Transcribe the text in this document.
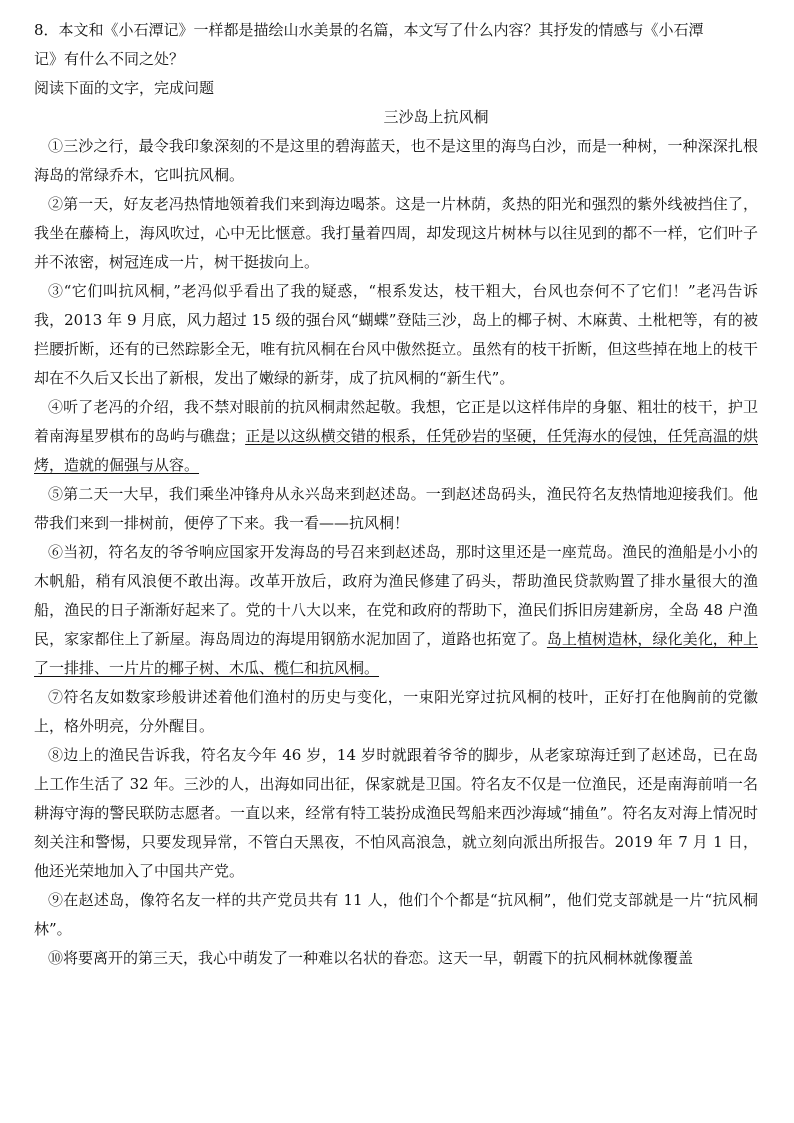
8．本文和《小石潭记》一样都是描绘山水美景的名篇，本文写了什么内容？其抒发的情感与《小石潭

记》有什么不同之处？

阅读下面的文字，完成问题

三沙岛上抗风桐

①三沙之行，最令我印象深刻的不是这里的碧海蓝天，也不是这里的海鸟白沙，而是一种树，一种深深扎根海岛的常绿乔木，它叫抗风桐。

②第一天，好友老冯热情地领着我们来到海边喝茶。这是一片林荫，炙热的阳光和强烈的紫外线被挡住了，我坐在藤椅上，海风吹过，心中无比惬意。我打量着四周，却发现这片树林与以往见到的都不一样，它们叶子并不浓密，树冠连成一片，树干挺拔向上。

③“它们叫抗风桐，”老冯似乎看出了我的疑惑，“根系发达，枝干粗大，台风也奈何不了它们！”老冯告诉我，2013 年 9 月底，风力超过 15 级的强台风“蝴蝶”登陆三沙，岛上的椰子树、木麻黄、土枇杷等，有的被拦腰折断，还有的已然踪影全无，唯有抗风桐在台风中傲然挺立。虽然有的枝干折断，但这些掉在地上的枝干却在不久后又长出了新根，发出了嫩绿的新芽，成了抗风桐的“新生代”。

④听了老冯的介绍，我不禁对眼前的抗风桐肃然起敬。我想，它正是以这样伟岸的身躯、粗壮的枝干，护卫着南海星罗棋布的岛屿与礁盘；正是以这纵横交错的根系，任凭砂岩的坚硬，任凭海水的侵蚀，任凭高温的烘烤，造就的倔强与从容。

⑤第二天一大早，我们乘坐冲锋舟从永兴岛来到赵述岛。一到赵述岛码头，渔民符名友热情地迎接我们。他带我们来到一排树前，便停了下来。我一看——抗风桐！

⑥当初，符名友的爷爷响应国家开发海岛的号召来到赵述岛，那时这里还是一座荒岛。渔民的渔船是小小的木帆船，稍有风浪便不敢出海。改革开放后，政府为渔民修建了码头，帮助渔民贷款购置了排水量很大的渔船，渔民的日子渐渐好起来了。党的十八大以来，在党和政府的帮助下，渔民们拆旧房建新房，全岛 48 户渔民，家家都住上了新屋。海岛周边的海堤用钢筋水泥加固了，道路也拓宽了。岛上植树造林，绿化美化，种上了一排排、一片片的椰子树、木瓜、榄仁和抗风桐。

⑦符名友如数家珍般讲述着他们渔村的历史与变化，一束阳光穿过抗风桐的枝叶，正好打在他胸前的党徽上，格外明亮，分外醒目。

⑧边上的渔民告诉我，符名友今年 46 岁，14 岁时就跟着爷爷的脚步，从老家琼海迁到了赵述岛，已在岛上工作生活了 32 年。三沙的人，出海如同出征，保家就是卫国。符名友不仅是一位渔民，还是南海前哨一名耕海守海的警民联防志愿者。一直以来，经常有特工装扮成渔民驾船来西沙海域“捕鱼”。符名友对海上情况时刻关注和警惕，只要发现异常，不管白天黑夜，不怕风高浪急，就立刻向派出所报告。2019 年 7 月 1 日，他还光荣地加入了中国共产党。

⑨在赵述岛，像符名友一样的共产党员共有 11 人，他们个个都是“抗风桐”，他们党支部就是一片“抗风桐林”。

⑩将要离开的第三天，我心中萌发了一种难以名状的眷恋。这天一早，朝霞下的抗风桐林就像覆盖
